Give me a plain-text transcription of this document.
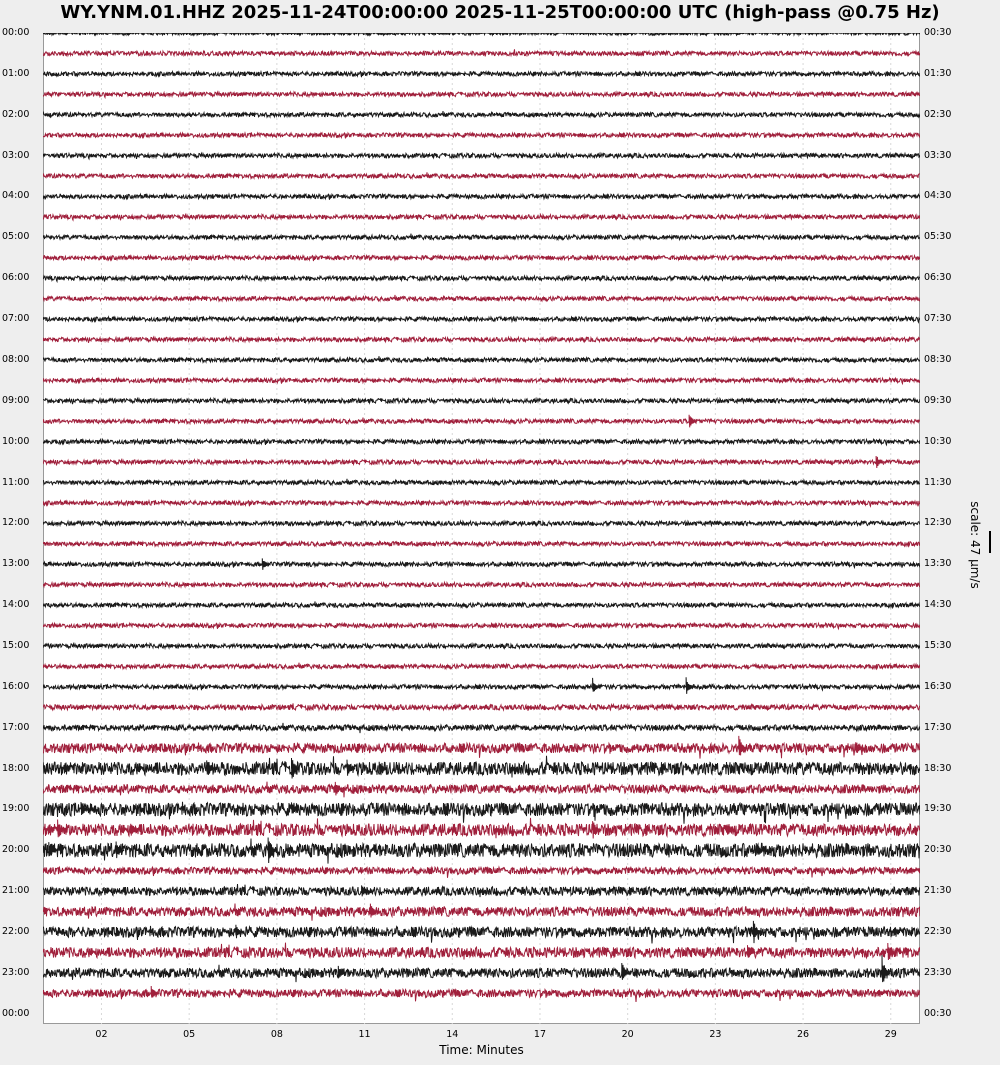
WY.YNM.01.HHZ 2025-11-24T00:00:00 2025-11-25T00:00:00 UTC (high-pass @0.75 Hz)
00:00
01:00
02:00
03:00
04:00
05:00
06:00
07:00
08:00
09:00
10:00
11:00
12:00
13:00
14:00
15:00
16:00
17:00
18:00
19:00
20:00
21:00
22:00
23:00
00:00
00:30
01:30
02:30
03:30
04:30
05:30
06:30
07:30
08:30
09:30
10:30
11:30
12:30
13:30
14:30
15:30
16:30
17:30
18:30
19:30
20:30
21:30
22:30
23:30
00:30
02	05	08	11	14	17	20	23	26	29
Time: Minutes
scale: 47 µm/s
